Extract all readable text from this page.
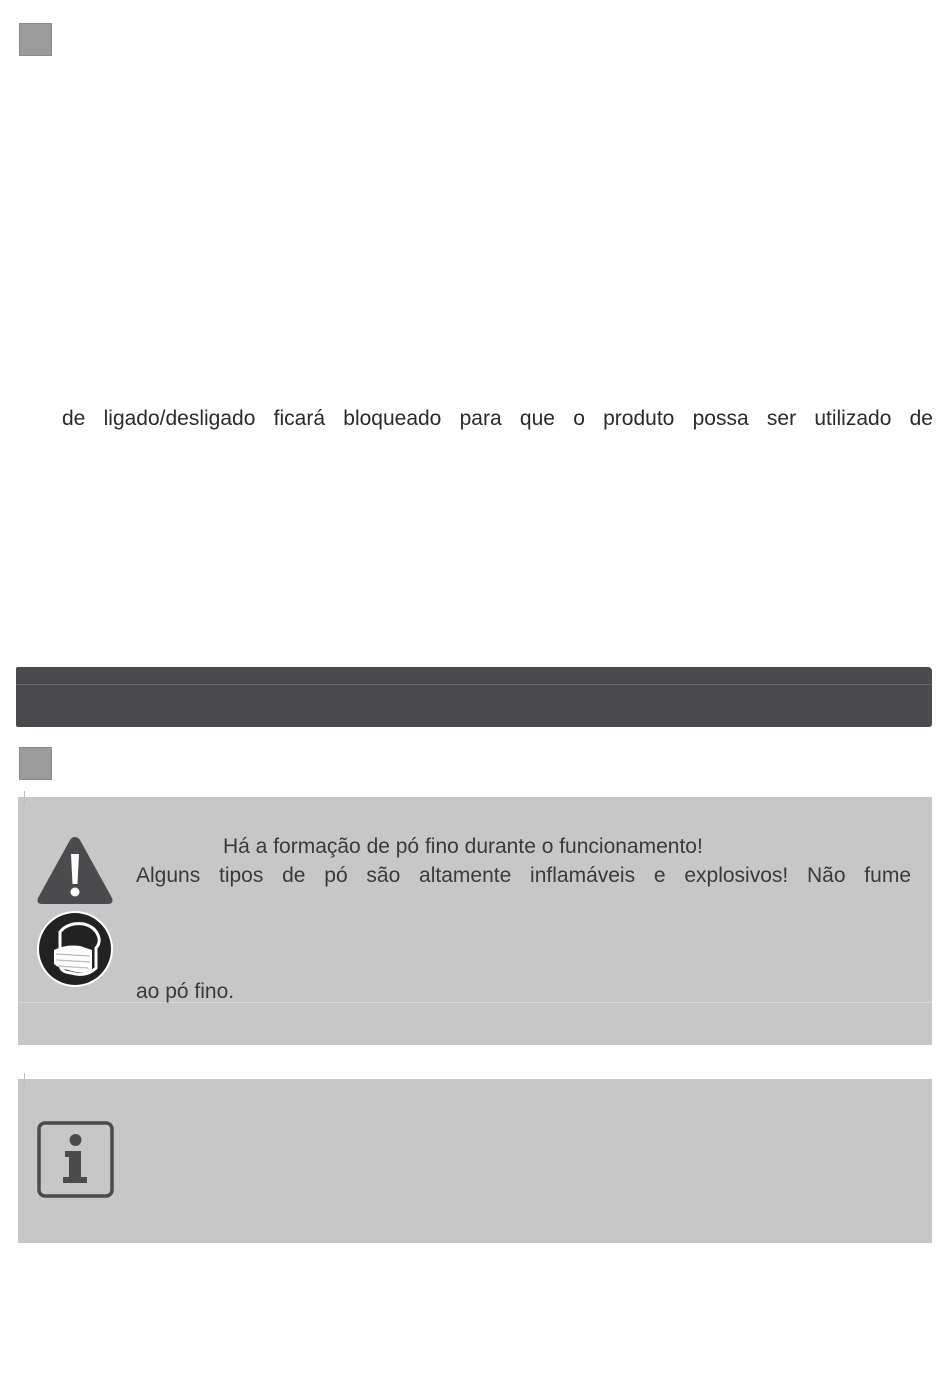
de ligado/desligado ficará bloqueado para que o produto possa ser utilizado de
Há a formação de pó fino durante o funcionamento!
Alguns tipos de pó são altamente inflamáveis e explosivos! Não fume
ao pó fino.
